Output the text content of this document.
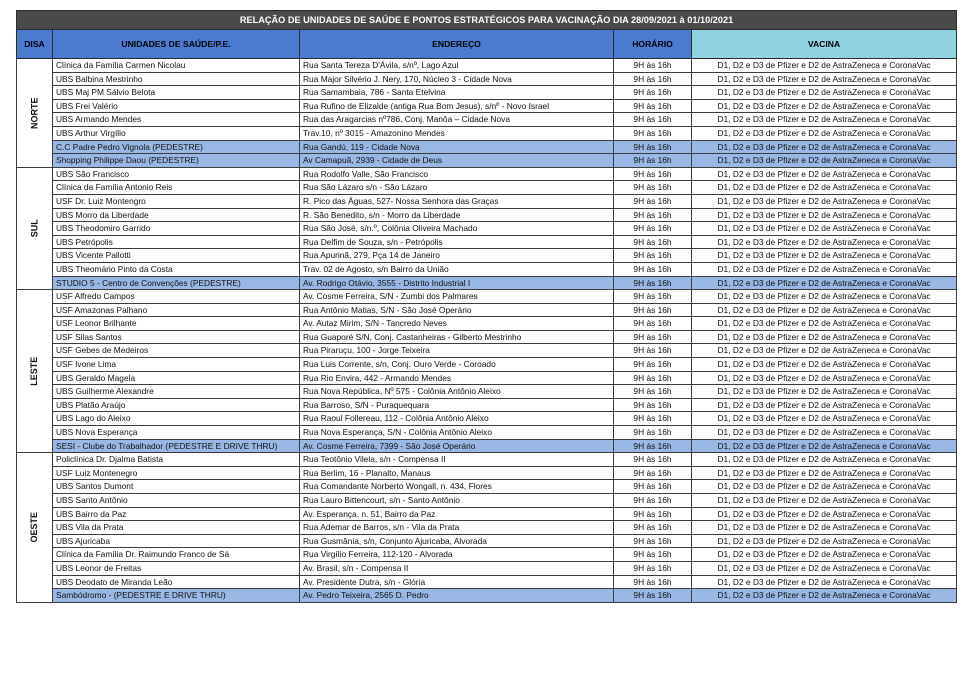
RELAÇÃO DE UNIDADES DE SAÚDE E PONTOS ESTRATÉGICOS PARA VACINAÇÃO DIA 28/09/2021 à 01/10/2021				
DISA	UNIDADES DE SAÚDE/P.E.	ENDEREÇO	HORÁRIO	VACINA
NORTE	Clínica da Família Carmen Nicolau	Rua Santa Tereza D'Ávila, s/nº, Lago Azul	9H às 16h	D1, D2 e D3 de Pfizer e D2 de AstraZeneca e CoronaVac
	UBS Balbina Mestrinho	Rua Major Silvério J. Nery, 170, Núcleo 3 - Cidade Nova	9H às 16h	D1, D2 e D3 de Pfizer e D2 de AstraZeneca e CoronaVac
	UBS Maj PM Sálvio Belota	Rua Samambaia, 786 - Santa Etelvina	9H às 16h	D1, D2 e D3 de Pfizer e D2 de AstraZeneca e CoronaVac
	UBS Frei Valério	Rua Rufino de Elizalde (antiga Rua Bom Jesus), s/nº - Novo Israel	9H às 16h	D1, D2 e D3 de Pfizer e D2 de AstraZeneca e CoronaVac
	UBS Armando Mendes	Rua das Aragarcias nº786, Conj. Manôa – Cidade Nova	9H às 16h	D1, D2 e D3 de Pfizer e D2 de AstraZeneca e CoronaVac
	UBS Arthur Virgílio	Trav.10, nº 3015 - Amazonino Mendes	9H às 16h	D1, D2 e D3 de Pfizer e D2 de AstraZeneca e CoronaVac
	C.C Padre Pedro Vignola (PEDESTRE)	Rua Gandú, 119 - Cidade Nova	9H às 16h	D1, D2 e D3 de Pfizer e D2 de AstraZeneca e CoronaVac
	Shopping Philippe Daou (PEDESTRE)	Av Camapuã, 2939 - Cidade de Deus	9H às 16h	D1, D2 e D3 de Pfizer e D2 de AstraZeneca e CoronaVac
SUL	UBS São Francisco	Rua Rodolfo Valle, São Francisco	9H às 16h	D1, D2 e D3 de Pfizer e D2 de AstraZeneca e CoronaVac
	Clínica da Família Antonio Reis	Rua São Lázaro s/n - São Lázaro	9H às 16h	D1, D2 e D3 de Pfizer e D2 de AstraZeneca e CoronaVac
	USF Dr. Luiz Montengro	R. Pico das Águas, 527- Nossa Senhora das Graças	9H às 16h	D1, D2 e D3 de Pfizer e D2 de AstraZeneca e CoronaVac
	UBS Morro da Liberdade	R. São Benedito, s/n - Morro da Liberdade	9H às 16h	D1, D2 e D3 de Pfizer e D2 de AstraZeneca e CoronaVac
	UBS Theodomiro Garrido	Rua São José, s/n.º, Colônia Oliveira Machado	9H às 16h	D1, D2 e D3 de Pfizer e D2 de AstraZeneca e CoronaVac
	UBS Petrópolis	Rua Delfim de Souza, s/n - Petrópolis	9H às 16h	D1, D2 e D3 de Pfizer e D2 de AstraZeneca e CoronaVac
	UBS Vicente Pallotti	Rua Apurinã, 279, Pça 14 de Janeiro	9H às 16h	D1, D2 e D3 de Pfizer e D2 de AstraZeneca e CoronaVac
	UBS Theomário Pinto da Costa	Trav. 02 de Agosto, s/n Bairro da União	9H às 16h	D1, D2 e D3 de Pfizer e D2 de AstraZeneca e CoronaVac
	STUDIO 5 - Centro de Convenções (PEDESTRE)	Av. Rodrigo Otávio, 3555 - Distrito Industrial I	9H às 16h	D1, D2 e D3 de Pfizer e D2 de AstraZeneca e CoronaVac
LESTE	USF Alfredo Campos	Av. Cosme Ferreira, S/N - Zumbi dos Palmares	9H às 16h	D1, D2 e D3 de Pfizer e D2 de AstraZeneca e CoronaVac
	USF Amazonas Palhano	Rua Antônio Matias, S/N - São José Operário	9H às 16h	D1, D2 e D3 de Pfizer e D2 de AstraZeneca e CoronaVac
	USF Leonor Brilhante	Av. Autaz Mirim, S/N - Tancredo Neves	9H às 16h	D1, D2 e D3 de Pfizer e D2 de AstraZeneca e CoronaVac
	USF Silas Santos	Rua Guaporé S/N, Conj. Castanheiras - Gilberto Mestrinho	9H às 16h	D1, D2 e D3 de Pfizer e D2 de AstraZeneca e CoronaVac
	USF Gebes de Medeiros	Rua Piraruçu, 100 - Jorge Teixeira	9H às 16h	D1, D2 e D3 de Pfizer e D2 de AstraZeneca e CoronaVac
	USF Ivone Lima	Rua Luis Corrente, s/n, Conj. Ouro Verde - Coroado	9H às 16h	D1, D2 e D3 de Pfizer e D2 de AstraZeneca e CoronaVac
	UBS Geraldo Magela	Rua Rio Envira, 442 - Armando Mendes	9H às 16h	D1, D2 e D3 de Pfizer e D2 de AstraZeneca e CoronaVac
	UBS Guilherme Alexandre	Rua Nova República, Nº 575 - Colônia Antônio Aleixo	9H às 16h	D1, D2 e D3 de Pfizer e D2 de AstraZeneca e CoronaVac
	UBS Platão Araújo	Rua Barroso, S/N - Puraquequara	9H às 16h	D1, D2 e D3 de Pfizer e D2 de AstraZeneca e CoronaVac
	UBS Lago do Aleixo	Rua Raoul Follereau, 112 - Colônia Antônio Aleixo	9H às 16h	D1, D2 e D3 de Pfizer e D2 de AstraZeneca e CoronaVac
	UBS Nova Esperança	Rua Nova Esperança, S/N - Colônia Antônio Aleixo	9H às 16h	D1, D2 e D3 de Pfizer e D2 de AstraZeneca e CoronaVac
	SESI - Clube do Trabalhador (PEDESTRE E DRIVE THRU)	Av. Cosme Ferreira, 7399 - São José Operário	9H às 16h	D1, D2 e D3 de Pfizer e D2 de AstraZeneca e CoronaVac
OESTE	Policlínica Dr. Djalma Batista	Rua Teotônio Vilela, s/n - Compensa II	9H às 16h	D1, D2 e D3 de Pfizer e D2 de AstraZeneca e CoronaVac
	USF Luiz Montenegro	Rua Berlim, 16 - Planalto, Manaus	9H às 16h	D1, D2 e D3 de Pfizer e D2 de AstraZeneca e CoronaVac
	UBS Santos Dumont	Rua Comandante Norberto Wongall, n. 434, Flores	9H às 16h	D1, D2 e D3 de Pfizer e D2 de AstraZeneca e CoronaVac
	UBS Santo Antônio	Rua Lauro Bittencourt, s/n - Santo Antônio	9H às 16h	D1, D2 e D3 de Pfizer e D2 de AstraZeneca e CoronaVac
	UBS Bairro da Paz	Av. Esperança, n. 51, Bairro da Paz	9H às 16h	D1, D2 e D3 de Pfizer e D2 de AstraZeneca e CoronaVac
	UBS Vila da Prata	Rua Ademar de Barros, s/n - Vila da Prata	9H às 16h	D1, D2 e D3 de Pfizer e D2 de AstraZeneca e CoronaVac
	UBS Ajuricaba	Rua Gusmânia, s/n, Conjunto Ajuricaba, Alvorada	9H às 16h	D1, D2 e D3 de Pfizer e D2 de AstraZeneca e CoronaVac
	Clínica da Família Dr. Raimundo Franco de Sá	Rua Virgílio Ferreira, 112-120 - Alvorada	9H às 16h	D1, D2 e D3 de Pfizer e D2 de AstraZeneca e CoronaVac
	UBS Leonor de Freitas	Av. Brasil, s/n - Compensa II	9H às 16h	D1, D2 e D3 de Pfizer e D2 de AstraZeneca e CoronaVac
	UBS Deodato de Miranda Leão	Av. Presidente Dutra, s/n - Glória	9H às 16h	D1, D2 e D3 de Pfizer e D2 de AstraZeneca e CoronaVac
	Sambódromo - (PEDESTRE E DRIVE THRU)	Av. Pedro Teixeira, 2565 D. Pedro	9H às 16h	D1, D2 e D3 de Pfizer e D2 de AstraZeneca e CoronaVac
